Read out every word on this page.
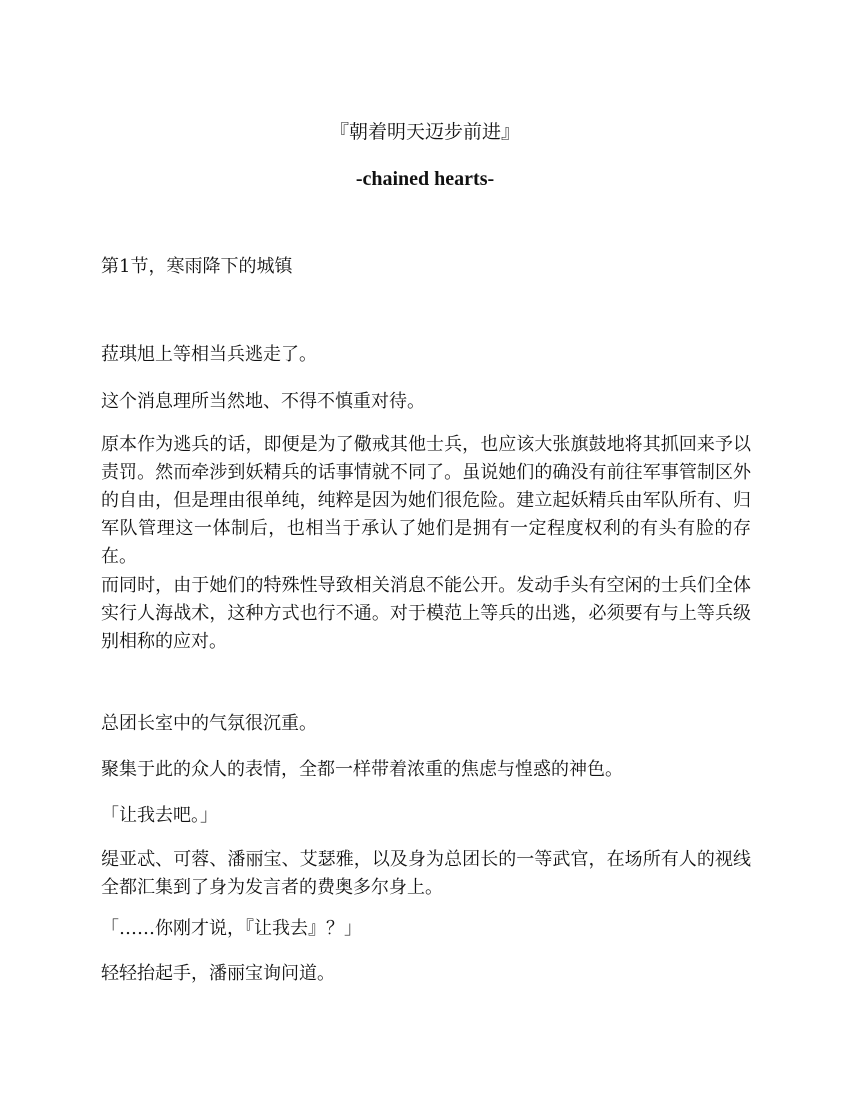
『朝着明天迈步前进』
-chained hearts-

第1节，寒雨降下的城镇

菈琪旭上等相当兵逃走了。

这个消息理所当然地、不得不慎重对待。

原本作为逃兵的话，即便是为了儆戒其他士兵，也应该大张旗鼓地将其抓回来予以责罚。然而牵涉到妖精兵的话事情就不同了。虽说她们的确没有前往军事管制区外的自由，但是理由很单纯，纯粹是因为她们很危险。建立起妖精兵由军队所有、归军队管理这一体制后，也相当于承认了她们是拥有一定程度权利的有头有脸的存在。

而同时，由于她们的特殊性导致相关消息不能公开。发动手头有空闲的士兵们全体实行人海战术，这种方式也行不通。对于模范上等兵的出逃，必须要有与上等兵级别相称的应对。

总团长室中的气氛很沉重。

聚集于此的众人的表情，全都一样带着浓重的焦虑与惶惑的神色。

「让我去吧。」

缇亚忒、可蓉、潘丽宝、艾瑟雅，以及身为总团长的一等武官，在场所有人的视线全都汇集到了身为发言者的费奥多尔身上。

「……你刚才说，『让我去』？」

轻轻抬起手，潘丽宝询问道。
